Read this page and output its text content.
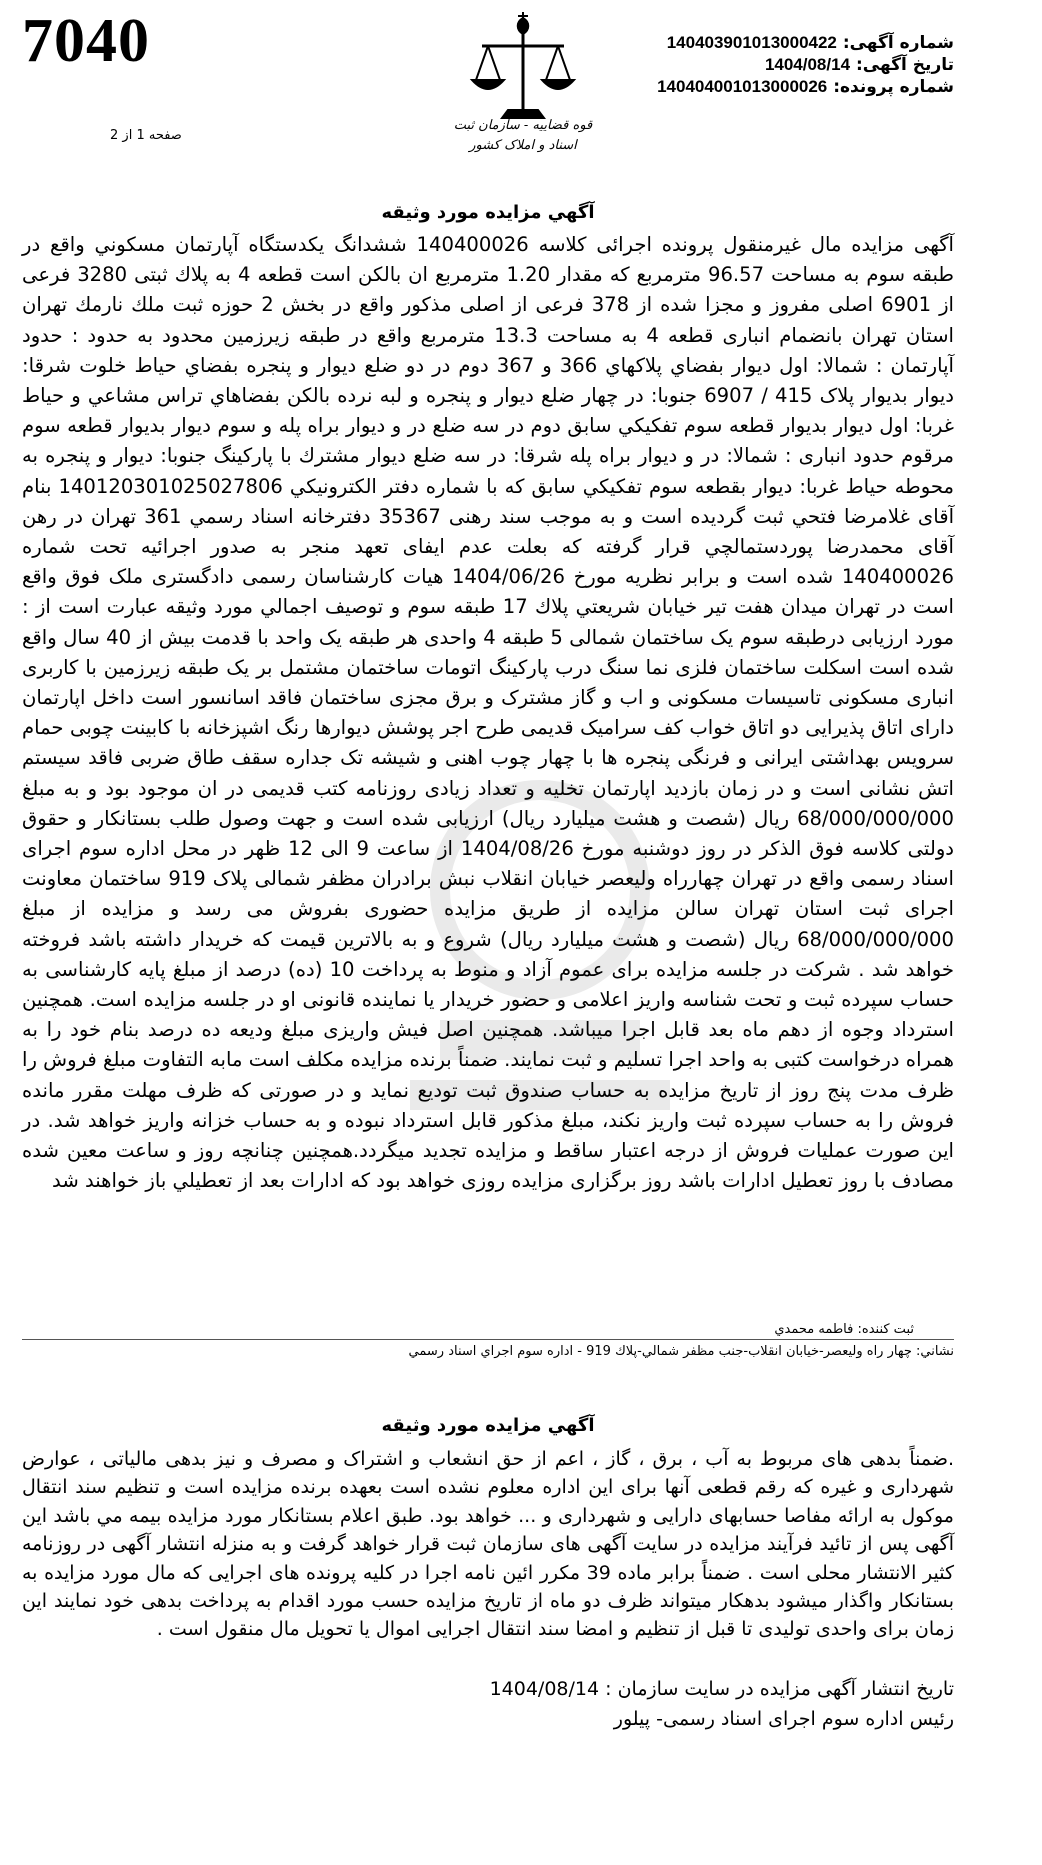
7040
صفحه 1 از 2
قوه قضاییه - سازمان ثبت اسناد و املاک کشور
شماره آگهی: 140403901013000422
تاریخ آگهی: 1404/08/14
شماره پرونده: 140404001013000026
آگهي مزايده مورد وثيقه
آگهی مزایده مال غیرمنقول پرونده اجرائی کلاسه 140400026 ششدانگ يكدستگاه آپارتمان مسكوني واقع در طبقه سوم به مساحت 96.57 مترمربع كه مقدار 1.20 مترمربع ان بالكن است قطعه 4 به پلاك ثبتی 3280 فرعی از 6901 اصلی مفروز و مجزا شده از 378 فرعی از اصلی مذكور واقع در بخش 2 حوزه ثبت ملك نارمك تهران استان تهران بانضمام انباری قطعه 4 به مساحت 13.3 مترمربع واقع در طبقه زیرزمین محدود به حدود : حدود آپارتمان : شمالا: اول دیوار بفضاي پلاكهاي 366 و 367 دوم در دو ضلع دیوار و پنجره بفضاي حياط خلوت شرقا: دیوار بدیوار پلاک 415 / 6907 جنوبا: در چهار ضلع دیوار و پنجره و لبه نرده بالکن بفضاهاي تراس مشاعي و حیاط غربا: اول دیوار بدیوار قطعه سوم تفكيكي سابق دوم در سه ضلع در و دیوار براه پله و سوم دیوار بدیوار قطعه سوم مرقوم حدود انباری : شمالا: در و دیوار براه پله شرقا: در سه ضلع دیوار مشترك با پاركينگ جنوبا: دیوار و پنجره به محوطه حیاط غربا: دیوار بقطعه سوم تفكيكي سابق كه با شماره دفتر الكترونيكي 140120301025027806 بنام آقای غلامرضا فتحي ثبت گرديده است و به موجب سند رهنی 35367 دفترخانه اسناد رسمي 361 تهران در رهن آقای محمدرضا پوردستمالچي قرار گرفته كه بعلت عدم ایفای تعهد منجر به صدور اجرائيه تحت شماره 140400026 شده است و برابر نظریه مورخ 1404/06/26 هيات كارشناسان رسمی دادگستری ملک فوق واقع است در تهران ميدان هفت تير خيابان شريعتي پلاك 17 طبقه سوم و توصيف اجمالي مورد وثيقه عبارت است از : مورد ارزیابی درطبقه سوم یک ساختمان شمالی 5 طبقه 4 واحدی هر طبقه یک واحد با قدمت بیش از 40 سال واقع شده است اسکلت ساختمان فلزی نما سنگ درب پارکینگ اتومات ساختمان مشتمل بر یک طبقه زیرزمین با کاربری انباری مسکونی تاسیسات مسکونی و اب و گاز مشترک و برق مجزی ساختمان فاقد اسانسور است داخل اپارتمان دارای اتاق پذیرایی دو اتاق خواب کف سرامیک قدیمی طرح اجر پوشش دیوارها رنگ اشپزخانه با کابینت چوبی حمام سرویس بهداشتی ایرانی و فرنگی پنجره ها با چهار چوب اهنی و شیشه تک جداره سقف طاق ضربی فاقد سیستم اتش نشانی است و در زمان بازدید اپارتمان تخلیه و تعداد زیادی روزنامه کتب قدیمی در ان موجود بود و به مبلغ 68/000/000/000 ریال (شصت و هشت میلیارد ریال) ارزیابی شده است و جهت وصول طلب بستانكار و حقوق دولتی كلاسه فوق الذكر در روز دوشنبه مورخ 1404/08/26 از ساعت 9 الی 12 ظهر در محل اداره سوم اجرای اسناد رسمی واقع در تهران چهارراه وليعصر خيابان انقلاب نبش برادران مظفر شمالی پلاک 919 ساختمان معاونت اجرای ثبت استان تهران سالن مزايده از طريق مزايده حضوری بفروش می رسد و مزایده از مبلغ 68/000/000/000 ریال (شصت و هشت میلیارد ریال) شروع و به بالاترین قیمت که خریدار داشته باشد فروخته خواهد شد . شرکت در جلسه مزایده برای عموم آزاد و منوط به پرداخت 10 (ده) درصد از مبلغ پایه کارشناسی به حساب سپرده ثبت و تحت شناسه واریز اعلامی و حضور خریدار یا نماینده قانونی او در جلسه مزایده است. همچنین استرداد وجوه از دهم ماه بعد قابل اجرا میباشد. همچنین اصل فیش واریزی مبلغ ودیعه ده درصد بنام خود را به همراه درخواست کتبی به واحد اجرا تسلیم و ثبت نمایند. ضمناً برنده مزایده مکلف است مابه التفاوت مبلغ فروش را ظرف مدت پنج روز از تاریخ مزایده به حساب صندوق ثبت توديع نماید و در صورتی که ظرف مهلت مقرر مانده فروش را به حساب سپرده ثبت واریز نکند، مبلغ مذکور قابل استرداد نبوده و به حساب خزانه واریز خواهد شد. در این صورت عملیات فروش از درجه اعتبار ساقط و مزایده تجدید میگردد.همچنين چنانچه روز و ساعت معين شده مصادف با روز تعطيل ادارات باشد روز برگزاری مزايده روزی خواهد بود كه ادارات بعد از تعطيلي باز خواهند شد
ثبت کننده: فاطمه محمدي
نشاني: چهار راه وليعصر-خيابان انقلاب-جنب مظفر شمالي-پلاك 919 - اداره سوم اجراي اسناد رسمي
آگهي مزايده مورد وثيقه
.ضمناً بدهی های مربوط به آب ، برق ، گاز ، اعم از حق انشعاب و اشتراک و مصرف و نیز بدهی مالیاتی ، عوارض شهرداری و غیره که رقم قطعی آنها برای این اداره معلوم نشده است بعهده برنده مزایده است و تنظیم سند انتقال موکول به ارائه مفاصا حسابهای دارایی و شهرداری و ... خواهد بود. طبق اعلام بستانکار مورد مزایده بیمه مي باشد این آگهی پس از تائید فرآیند مزایده در سایت آگهی های سازمان ثبت قرار خواهد گرفت و به منزله انتشار آگهی در روزنامه کثیر الانتشار محلی است . ضمناً برابر ماده 39 مکرر ائین نامه اجرا در کلیه پرونده های اجرایی که مال مورد مزایده به بستانکار واگذار میشود بدهکار میتواند ظرف دو ماه از تاریخ مزایده حسب مورد اقدام به پرداخت بدهی خود نمایند این زمان برای واحدی تولیدی تا قبل از تنظیم و امضا سند انتقال اجرایی اموال یا تحویل مال منقول است .
تاریخ انتشار آگهی مزایده در سایت سازمان : 1404/08/14
رئيس اداره سوم اجرای اسناد رسمی- پیلور
